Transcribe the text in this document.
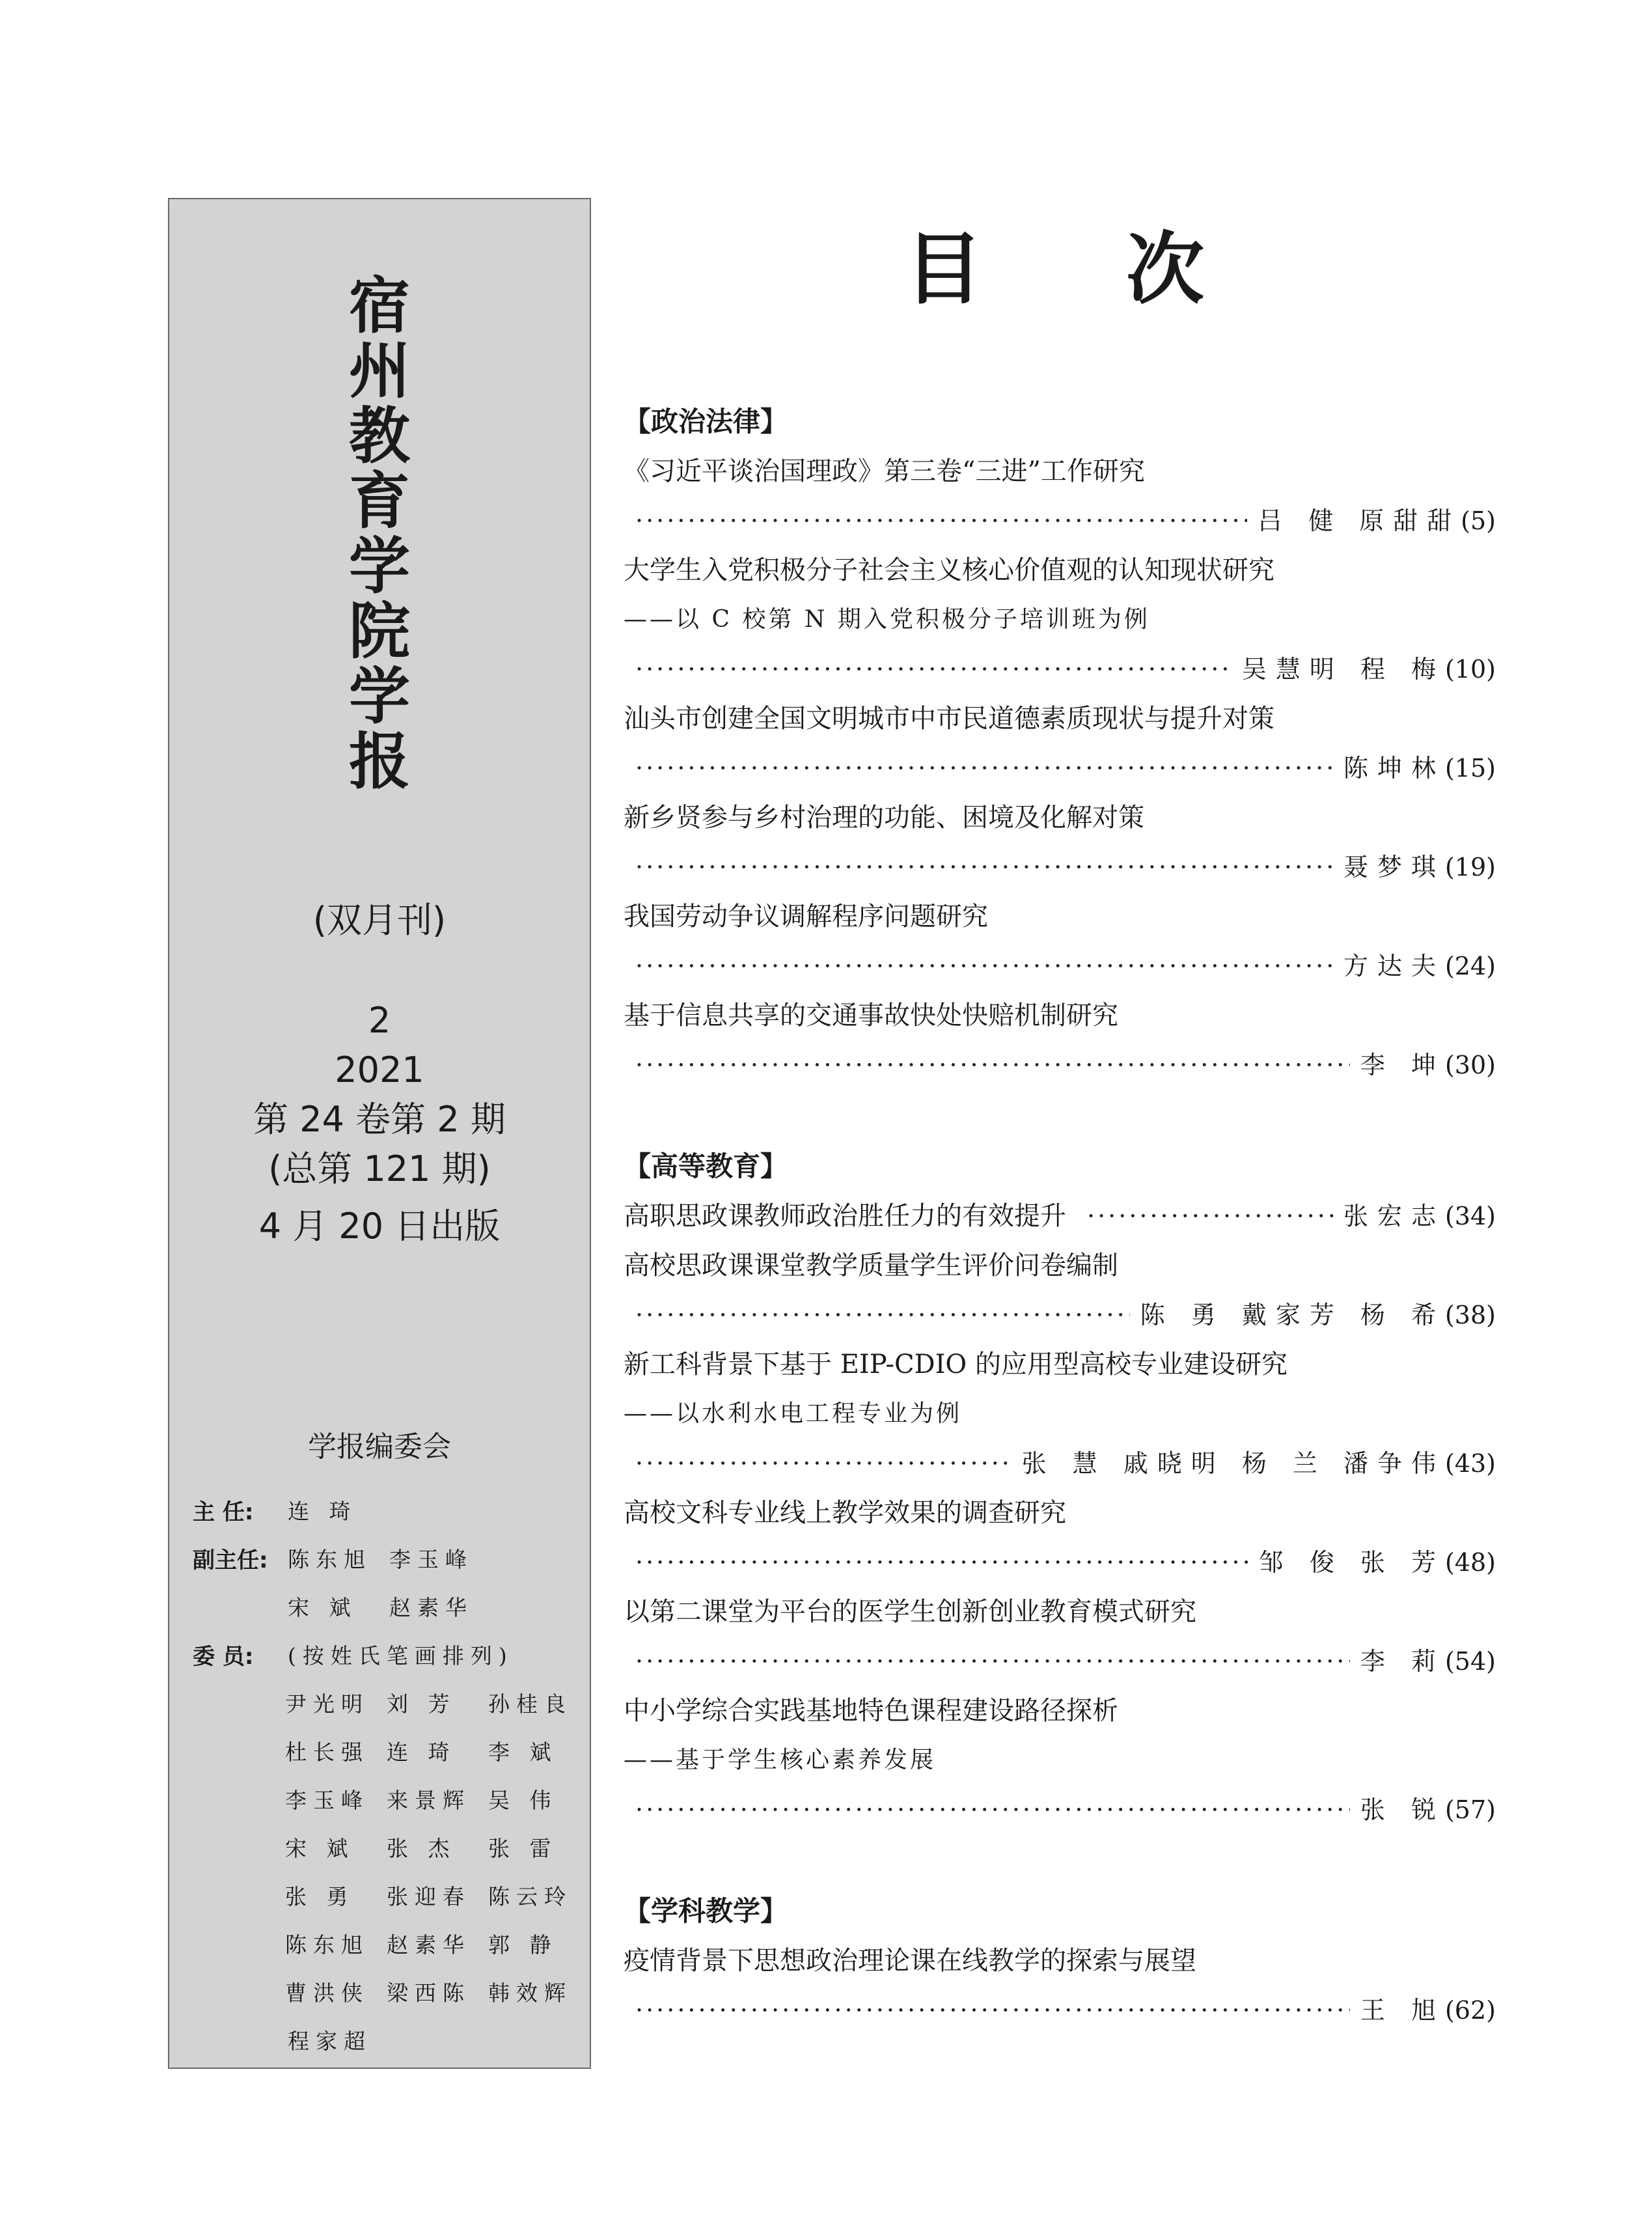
宿
州
教
育
学
院
学
报
(双月刊)
2
2021
第 24 卷第 2 期
(总第 121 期)
4 月 20 日出版
学报编委会
主 任:	连 琦
副主任: 陈东旭 李玉峰
宋 斌	赵素华
委 员:	(按姓氏笔画排列)
尹光明 刘 芳	孙桂良
杜长强 连 琦	李 斌
李玉峰 来景辉 吴 伟
宋 斌	张 杰	张 雷
张 勇	张迎春 陈云玲
陈东旭 赵素华 郭 静
曹洪侠 梁西陈 韩效辉
程家超
目次
【政治法律】
《习近平谈治国理政》第三卷“三进”工作研究
·····
吕 健 原甜甜 (5)
大学生入党积极分子社会主义核心价值观的认知现状研究
——以 C 校第 N 期入党积极分子培训班为例
·····
吴慧明 程 梅 (10)
汕头市创建全国文明城市中市民道德素质现状与提升对策
·····
陈坤林 (15)
新乡贤参与乡村治理的功能、困境及化解对策
·····
聂梦琪 (19)
我国劳动争议调解程序问题研究
·····
方达夫 (24)
基于信息共享的交通事故快处快赔机制研究
·····
李 坤 (30)
【高等教育】
高职思政课教师政治胜任力的有效提升
·····	张宏志 (34)
高校思政课课堂教学质量学生评价问卷编制
·····
陈 勇 戴家芳 杨 希 (38)
新工科背景下基于 EIP-CDIO 的应用型高校专业建设研究
——以水利水电工程专业为例
·····
张 慧 戚晓明 杨 兰 潘争伟 (43)
高校文科专业线上教学效果的调查研究
·····
邹 俊 张 芳 (48)
以第二课堂为平台的医学生创新创业教育模式研究
·····
李 莉 (54)
中小学综合实践基地特色课程建设路径探析
——基于学生核心素养发展
·····
张 锐 (57)
【学科教学】
疫情背景下思想政治理论课在线教学的探索与展望
·····
王 旭 (62)
